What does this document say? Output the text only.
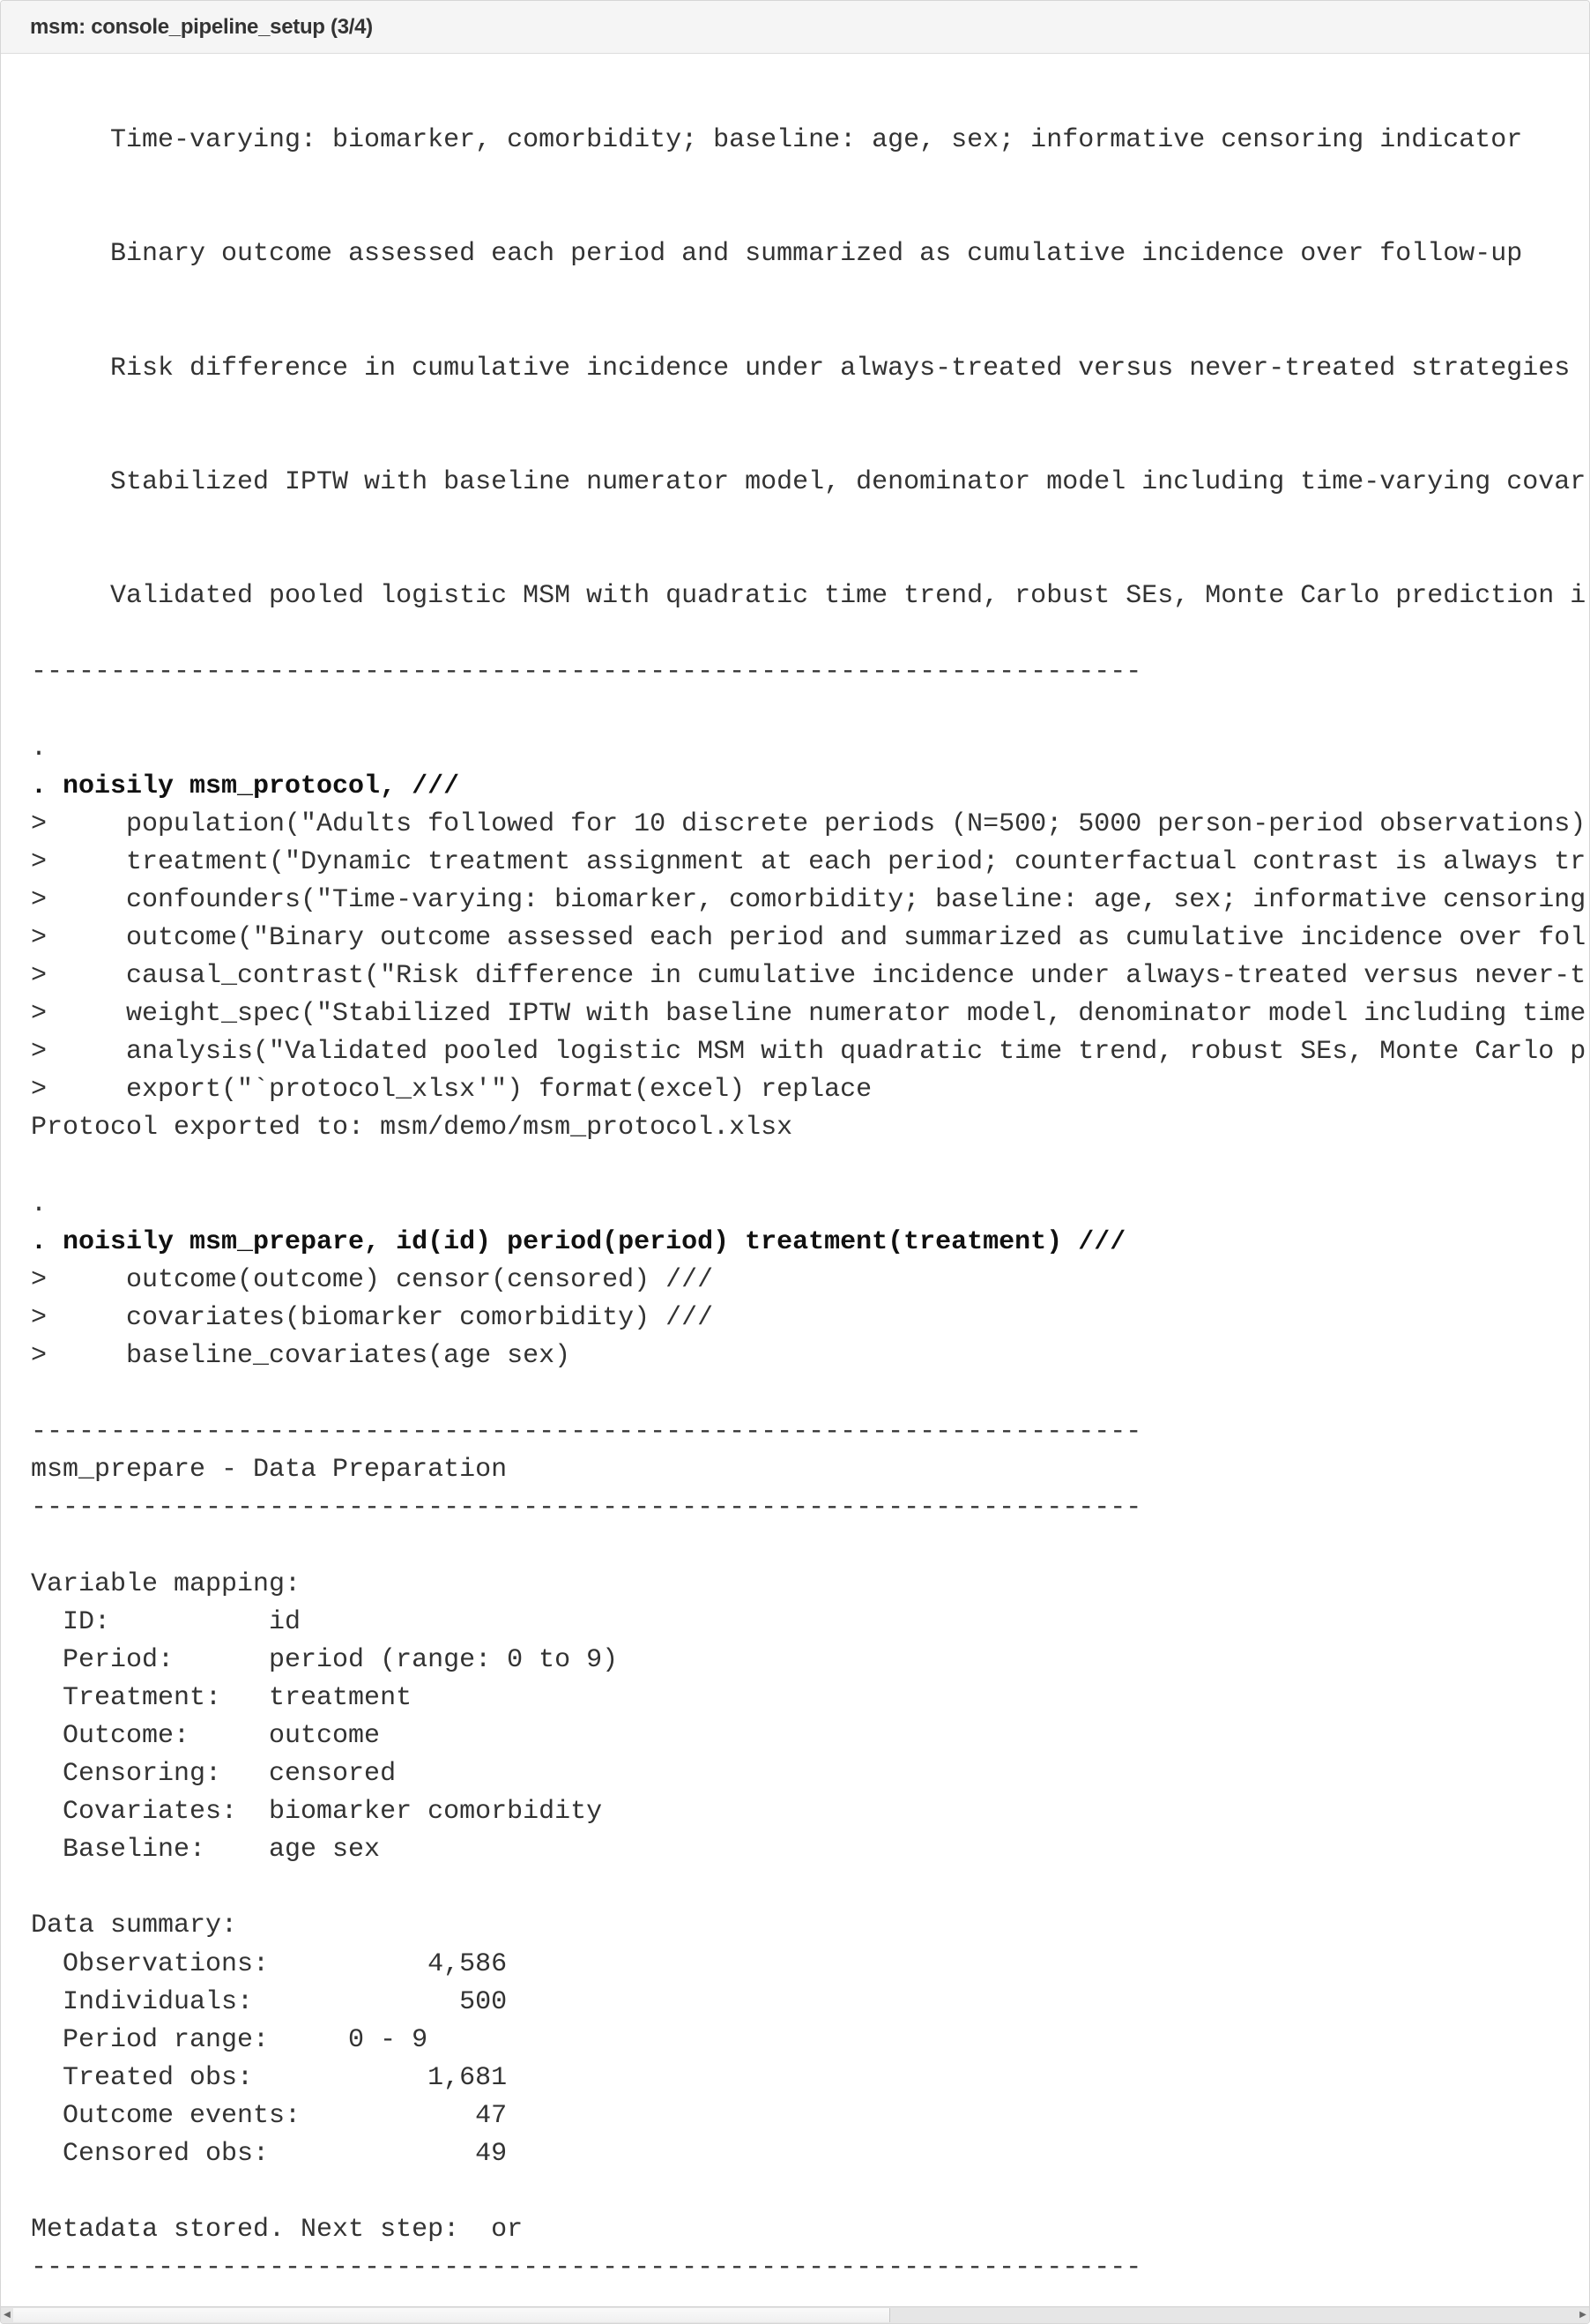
msm: console_pipeline_setup (3/4)
Time-varying: biomarker, comorbidity; baseline: age, sex; informative censoring indicator
Binary outcome assessed each period and summarized as cumulative incidence over follow-up
Risk difference in cumulative incidence under always-treated versus never-treated strategies
Stabilized IPTW with baseline numerator model, denominator model including time-varying covar
Validated pooled logistic MSM with quadratic time trend, robust SEs, Monte Carlo prediction i
----------------------------------------------------------------------
.
. noisily msm_protocol, ///
>     population("Adults followed for 10 discrete periods (N=500; 5000 person-period observations)
>     treatment("Dynamic treatment assignment at each period; counterfactual contrast is always tr
>     confounders("Time-varying: biomarker, comorbidity; baseline: age, sex; informative censoring
>     outcome("Binary outcome assessed each period and summarized as cumulative incidence over fol
>     causal_contrast("Risk difference in cumulative incidence under always-treated versus never-t
>     weight_spec("Stabilized IPTW with baseline numerator model, denominator model including time
>     analysis("Validated pooled logistic MSM with quadratic time trend, robust SEs, Monte Carlo p
>     export("`protocol_xlsx'") format(excel) replace
Protocol exported to: msm/demo/msm_protocol.xlsx
.
. noisily msm_prepare, id(id) period(period) treatment(treatment) ///
>     outcome(outcome) censor(censored) ///
>     covariates(biomarker comorbidity) ///
>     baseline_covariates(age sex)
----------------------------------------------------------------------
msm_prepare - Data Preparation
----------------------------------------------------------------------
Variable mapping:
ID:          id
Period:      period (range: 0 to 9)
Treatment:   treatment
Outcome:     outcome
Censoring:   censored
Covariates:  biomarker comorbidity
Baseline:    age sex
Data summary:
Observations:          4,586
Individuals:             500
Period range:     0 - 9
Treated obs:           1,681
Outcome events:           47
Censored obs:             49
Metadata stored. Next step:  or
----------------------------------------------------------------------
◀	▶
